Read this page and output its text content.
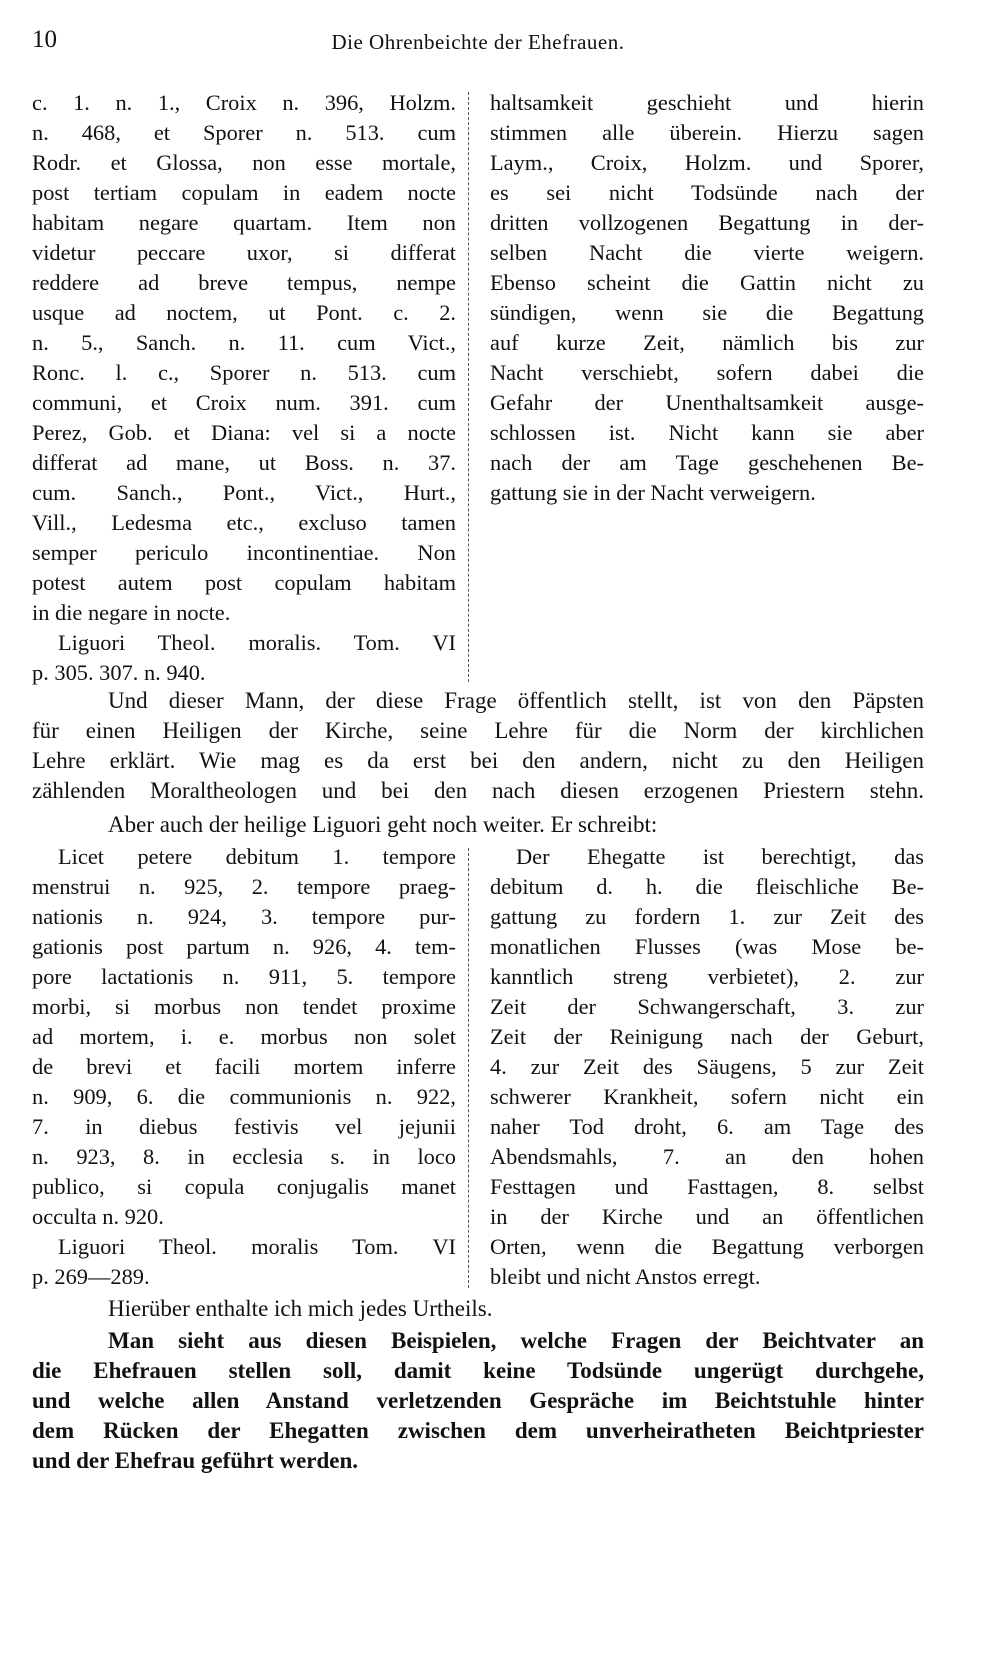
10	Die Ohrenbeichte der Ehefrauen.
c. 1. n. 1., Croix n. 396, Holzm.
n. 468, et Sporer n. 513. cum
Rodr. et Glossa, non esse mortale,
post tertiam copulam in eadem nocte
habitam negare quartam. Item non
videtur peccare uxor, si differat
reddere ad breve tempus, nempe
usque ad noctem, ut Pont. c. 2.
n. 5., Sanch. n. 11. cum Vict.,
Ronc. l. c., Sporer n. 513. cum
communi, et Croix num. 391. cum
Perez, Gob. et Diana: vel si a nocte
differat ad mane, ut Boss. n. 37.
cum. Sanch., Pont., Vict., Hurt.,
Vill., Ledesma etc., excluso tamen
semper periculo incontinentiae. Non
potest autem post copulam habitam
in die negare in nocte.
Liguori Theol. moralis. Tom. VI
p. 305. 307. n. 940.
haltsamkeit geschieht und hierin
stimmen alle überein. Hierzu sagen
Laym., Croix, Holzm. und Sporer,
es sei nicht Todsünde nach der
dritten vollzogenen Begattung in der-
selben Nacht die vierte weigern.
Ebenso scheint die Gattin nicht zu
sündigen, wenn sie die Begattung
auf kurze Zeit, nämlich bis zur
Nacht verschiebt, sofern dabei die
Gefahr der Unenthaltsamkeit ausge-
schlossen ist. Nicht kann sie aber
nach der am Tage geschehenen Be-
gattung sie in der Nacht verweigern.
Und dieser Mann, der diese Frage öffentlich stellt, ist von den Päpsten
für einen Heiligen der Kirche, seine Lehre für die Norm der kirchlichen
Lehre erklärt. Wie mag es da erst bei den andern, nicht zu den Heiligen
zählenden Moraltheologen und bei den nach diesen erzogenen Priestern stehn.
Aber auch der heilige Liguori geht noch weiter. Er schreibt:
Licet petere debitum 1. tempore
menstrui n. 925, 2. tempore praeg-
nationis n. 924, 3. tempore pur-
gationis post partum n. 926, 4. tem-
pore lactationis n. 911, 5. tempore
morbi, si morbus non tendet proxime
ad mortem, i. e. morbus non solet
de brevi et facili mortem inferre
n. 909, 6. die communionis n. 922,
7. in diebus festivis vel jejunii
n. 923, 8. in ecclesia s. in loco
publico, si copula conjugalis manet
occulta n. 920.
Liguori Theol. moralis Tom. VI
p. 269—289.
Der Ehegatte ist berechtigt, das
debitum d. h. die fleischliche Be-
gattung zu fordern 1. zur Zeit des
monatlichen Flusses (was Mose be-
kanntlich streng verbietet), 2. zur
Zeit der Schwangerschaft, 3. zur
Zeit der Reinigung nach der Geburt,
4. zur Zeit des Säugens, 5 zur Zeit
schwerer Krankheit, sofern nicht ein
naher Tod droht, 6. am Tage des
Abendsmahls, 7. an den hohen
Festtagen und Fasttagen, 8. selbst
in der Kirche und an öffentlichen
Orten, wenn die Begattung verborgen
bleibt und nicht Anstos erregt.
Hierüber enthalte ich mich jedes Urtheils.
Man sieht aus diesen Beispielen, welche Fragen der Beichtvater an
die Ehefrauen stellen soll, damit keine Todsünde ungerügt durchgehe,
und welche allen Anstand verletzenden Gespräche im Beichtstuhle hinter
dem Rücken der Ehegatten zwischen dem unverheiratheten Beichtpriester
und der Ehefrau geführt werden.
